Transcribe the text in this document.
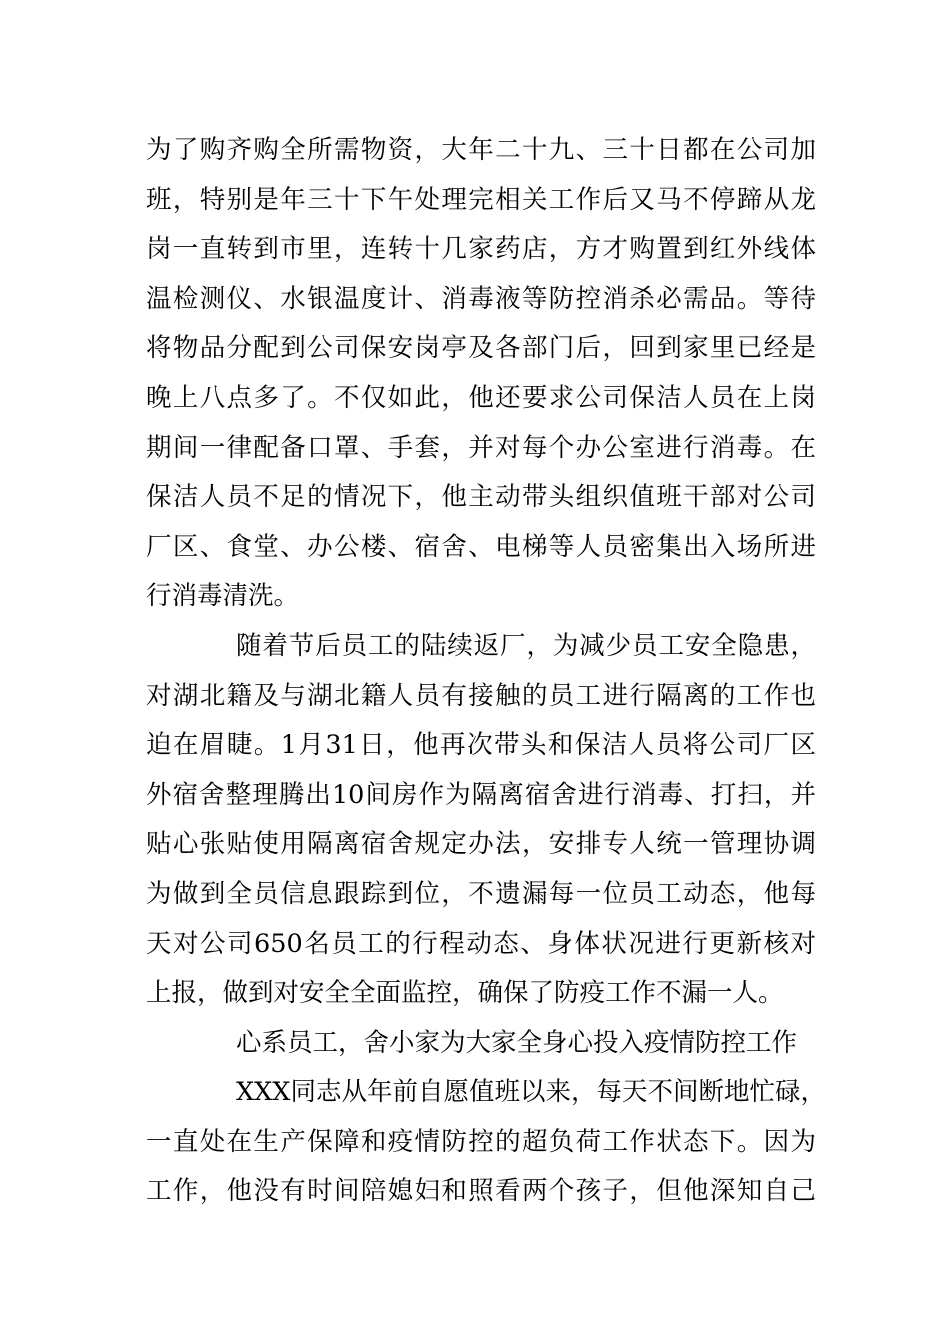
为了购齐购全所需物资，大年二十九、三十日都在公司加
班，特别是年三十下午处理完相关工作后又马不停蹄从龙
岗一直转到市里，连转十几家药店，方才购置到红外线体
温检测仪、水银温度计、消毒液等防控消杀必需品。等待
将物品分配到公司保安岗亭及各部门后，回到家里已经是
晚上八点多了。不仅如此，他还要求公司保洁人员在上岗
期间一律配备口罩、手套，并对每个办公室进行消毒。在
保洁人员不足的情况下，他主动带头组织值班干部对公司
厂区、食堂、办公楼、宿舍、电梯等人员密集出入场所进
行消毒清洗。
随着节后员工的陆续返厂，为减少员工安全隐患，
对湖北籍及与湖北籍人员有接触的员工进行隔离的工作也
迫在眉睫。1月31日，他再次带头和保洁人员将公司厂区
外宿舍整理腾出10间房作为隔离宿舍进行消毒、打扫，并
贴心张贴使用隔离宿舍规定办法，安排专人统一管理协调
为做到全员信息跟踪到位，不遗漏每一位员工动态，他每
天对公司650名员工的行程动态、身体状况进行更新核对
上报，做到对安全全面监控，确保了防疫工作不漏一人。
心系员工，舍小家为大家全身心投入疫情防控工作
XXX同志从年前自愿值班以来，每天不间断地忙碌，
一直处在生产保障和疫情防控的超负荷工作状态下。因为
工作，他没有时间陪媳妇和照看两个孩子，但他深知自己
